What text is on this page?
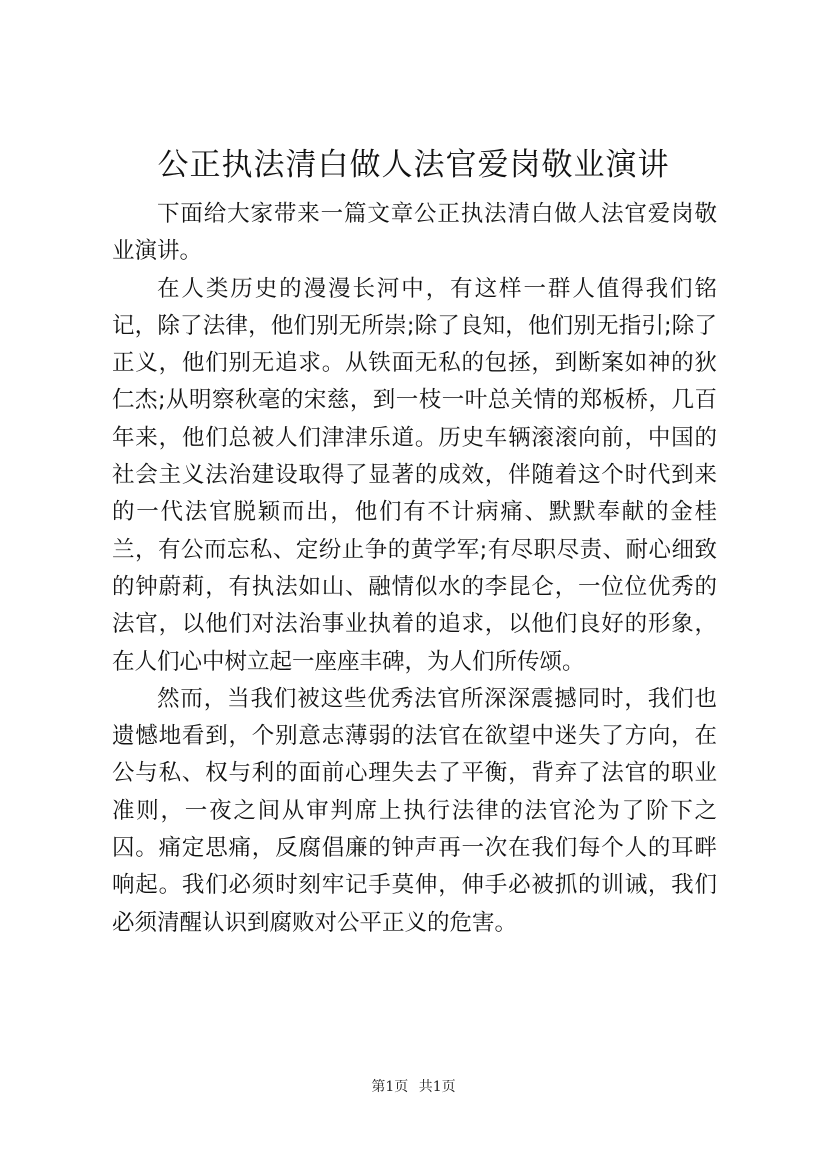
公正执法清白做人法官爱岗敬业演讲

下面给大家带来一篇文章公正执法清白做人法官爱岗敬业演讲。

在人类历史的漫漫长河中，有这样一群人值得我们铭记，除了法律，他们别无所崇;除了良知，他们别无指引;除了正义，他们别无追求。从铁面无私的包拯，到断案如神的狄仁杰;从明察秋毫的宋慈，到一枝一叶总关情的郑板桥，几百年来，他们总被人们津津乐道。历史车辆滚滚向前，中国的社会主义法治建设取得了显著的成效，伴随着这个时代到来的一代法官脱颖而出，他们有不计病痛、默默奉献的金桂兰，有公而忘私、定纷止争的黄学军;有尽职尽责、耐心细致的钟蔚莉，有执法如山、融情似水的李昆仑，一位位优秀的法官，以他们对法治事业执着的追求，以他们良好的形象，在人们心中树立起一座座丰碑，为人们所传颂。

然而，当我们被这些优秀法官所深深震撼同时，我们也遗憾地看到，个别意志薄弱的法官在欲望中迷失了方向，在公与私、权与利的面前心理失去了平衡，背弃了法官的职业准则，一夜之间从审判席上执行法律的法官沦为了阶下之囚。痛定思痛，反腐倡廉的钟声再一次在我们每个人的耳畔响起。我们必须时刻牢记手莫伸，伸手必被抓的训诫，我们必须清醒认识到腐败对公平正义的危害。

第1页 共1页
